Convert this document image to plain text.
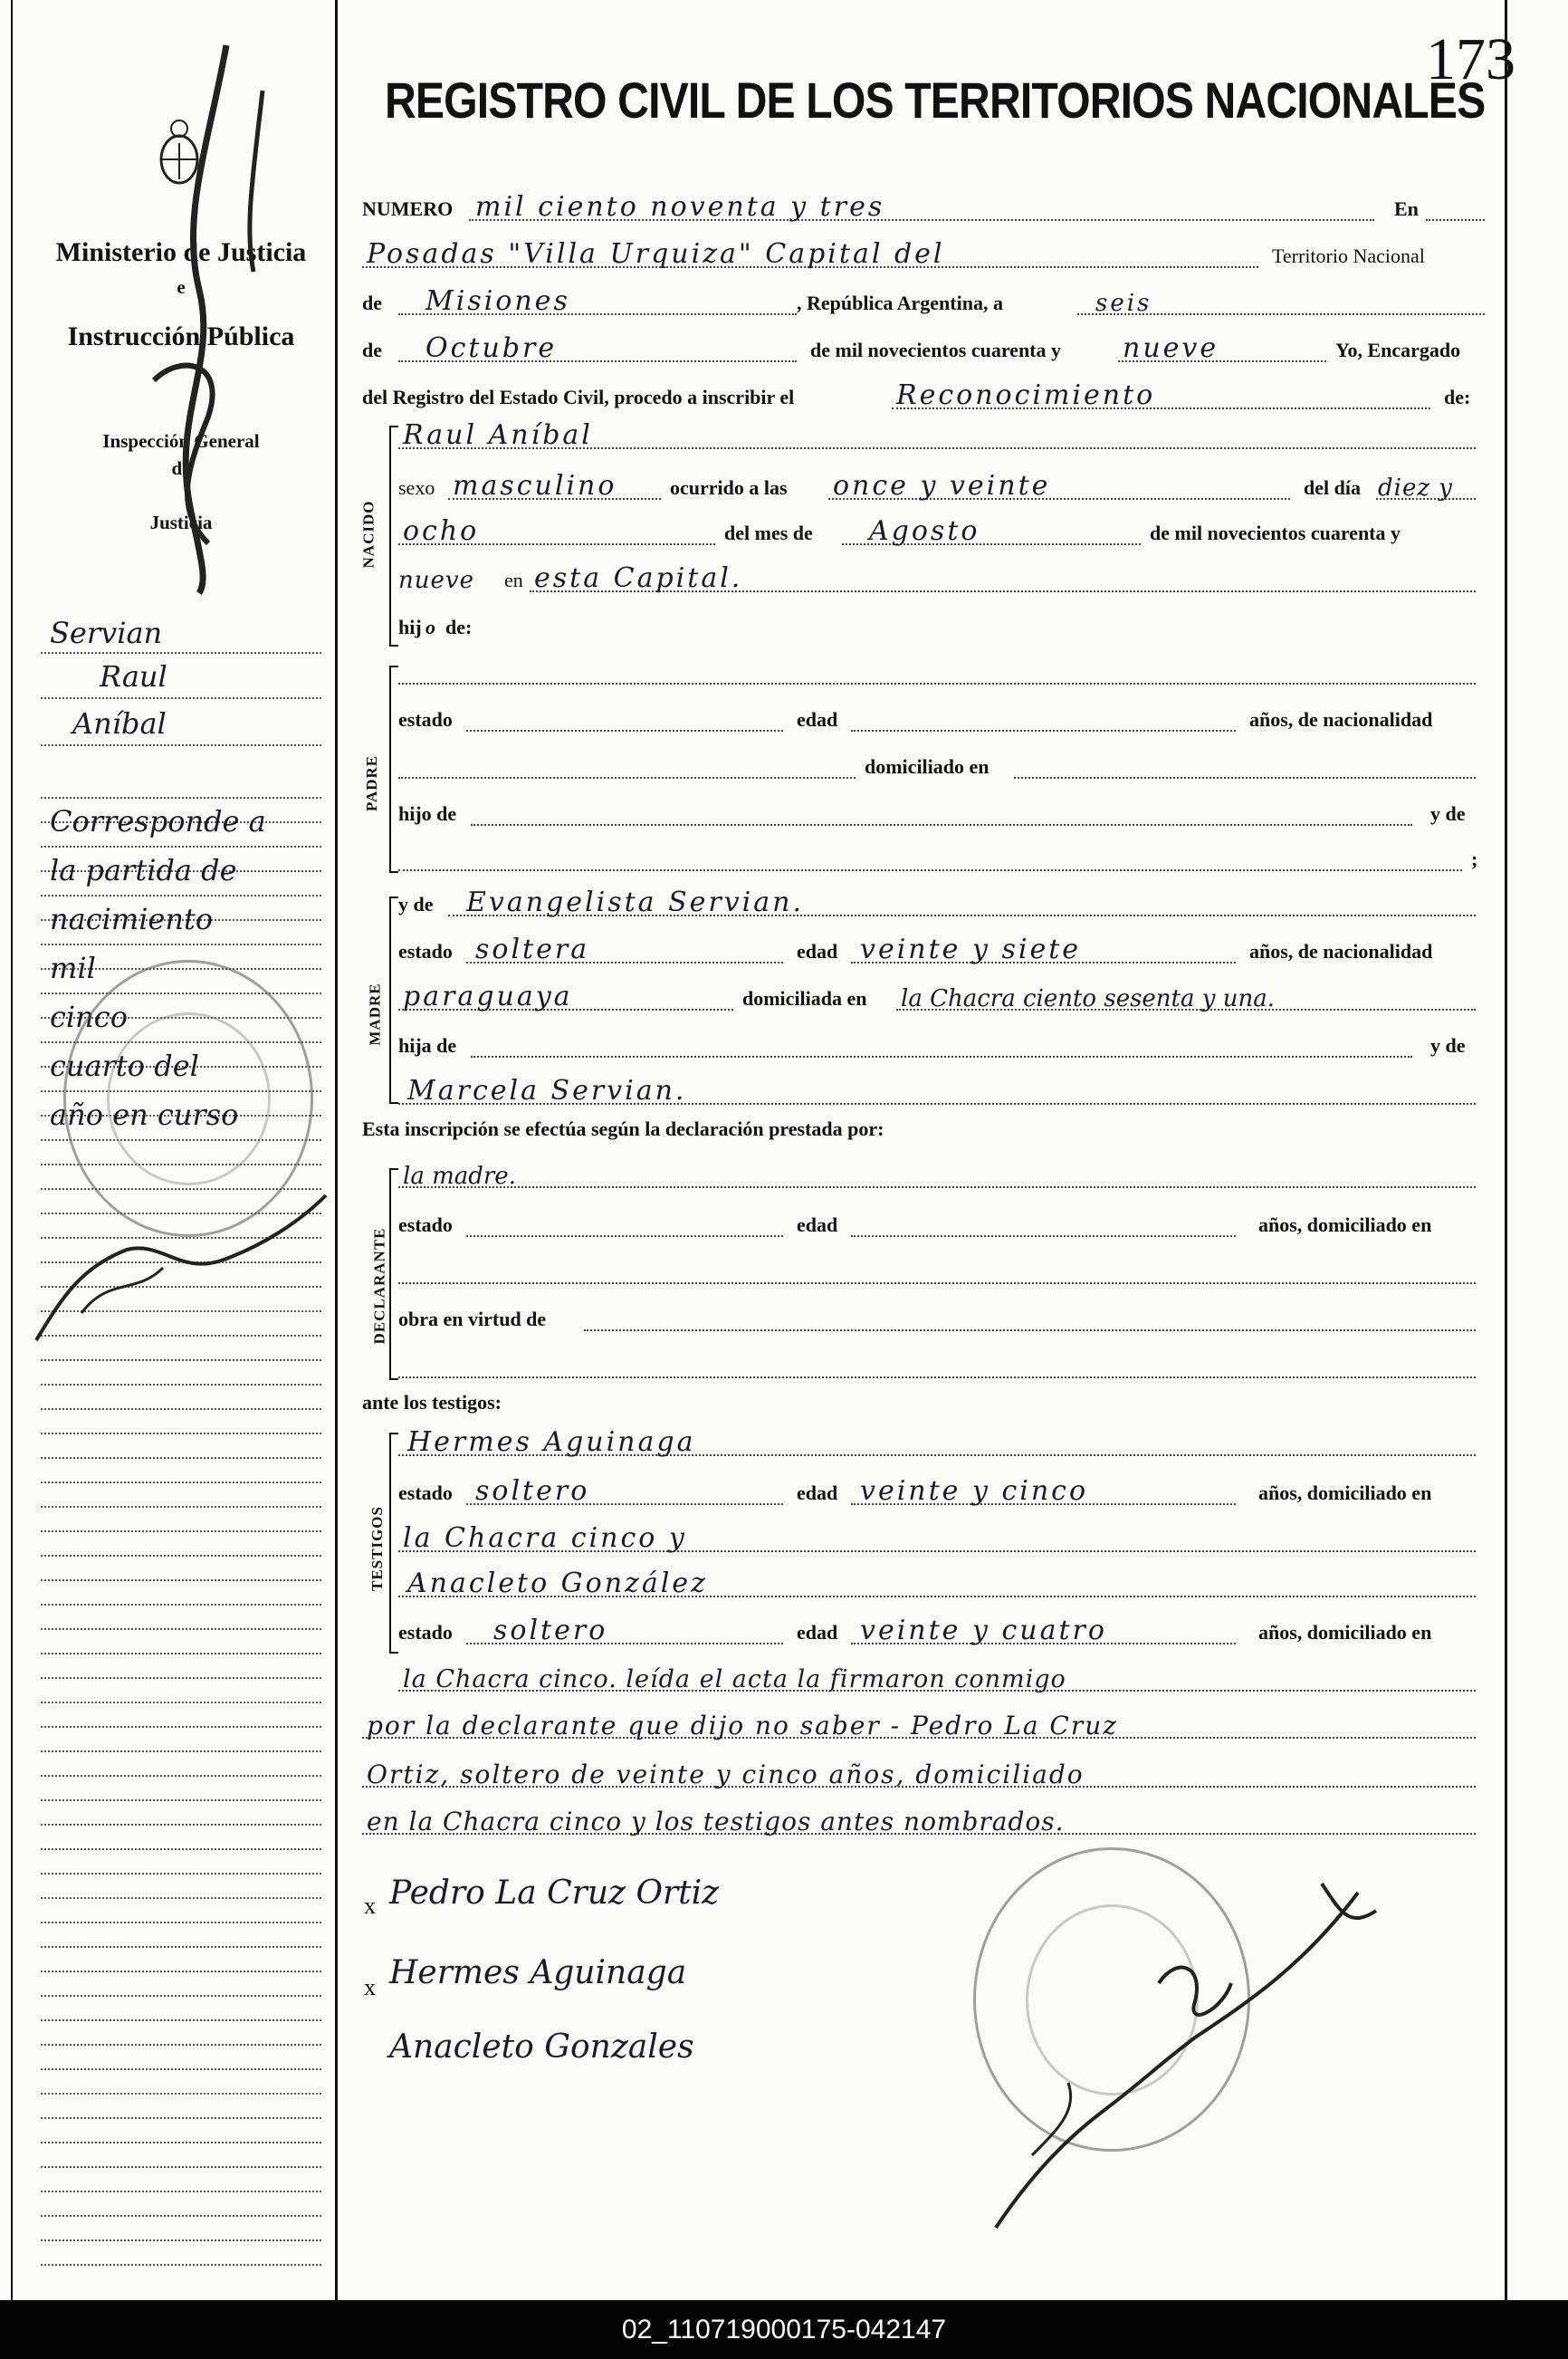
REGISTRO CIVIL DE LOS TERRITORIOS NACIONALES
173
Ministerio de Justicia
e
Instrucción Pública
Inspección General
de
Justicia
Servian
Raul
Aníbal
Corresponde a
la partida de
nacimiento
mil
cinco
cuarto del
año en curso
NUMERO mil ciento noventa y tres	En
Posadas "Villa Urquiza" Capital del	Territorio Nacional
de Misiones	, República Argentina, a	seis
de Octubre	de mil novecientos cuarenta y nueve	Yo, Encargado
del Registro del Estado Civil, procedo a inscribir el	Reconocimiento	de:
NACIDO
Raul Aníbal
sexo masculino	ocurrido a las once y veinte	del día diez y
ocho	del mes de Agosto	de mil novecientos cuarenta y
nueve en esta Capital.
hij o de:
PADRE
estado	edad	años, de nacionalidad
domiciliado en
hijo de	y de
;
MADRE
y de Evangelista Servian.
estado soltera	edad veinte y siete	años, de nacionalidad
paraguaya	domiciliada en la Chacra ciento sesenta y una.
hija de	y de
Marcela Servian.
Esta inscripción se efectúa según la declaración prestada por:
DECLARANTE
la madre.
estado	edad	años, domiciliado en
obra en virtud de
ante los testigos:
TESTIGOS
Hermes Aguinaga
estado soltero	edad veinte y cinco	años, domiciliado en
la Chacra cinco y
Anacleto González
estado soltero	edad veinte y cuatro	años, domiciliado en
la Chacra cinco. leída el acta la firmaron conmigo
por la declarante que dijo no saber - Pedro La Cruz
Ortiz, soltero de veinte y cinco años, domiciliado
en la Chacra cinco y los testigos antes nombrados.
x Pedro La Cruz Ortiz
x Hermes Aguinaga
Anacleto Gonzales
02_110719000175-042147
